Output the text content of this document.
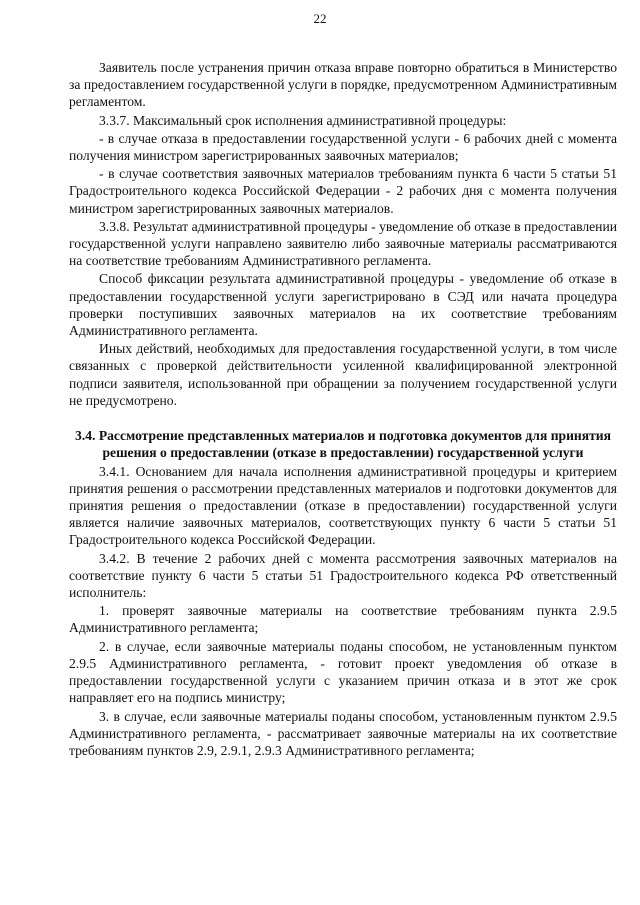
22

Заявитель после устранения причин отказа вправе повторно обратиться в Министерство за предоставлением государственной услуги в порядке, предусмотренном Административным регламентом.

3.3.7. Максимальный срок исполнения административной процедуры:

- в случае отказа в предоставлении государственной услуги - 6 рабочих дней с момента получения министром зарегистрированных заявочных материалов;

- в случае соответствия заявочных материалов требованиям пункта 6 части 5 статьи 51 Градостроительного кодекса Российской Федерации - 2 рабочих дня с момента получения министром зарегистрированных заявочных материалов.

3.3.8. Результат административной процедуры - уведомление об отказе в предоставлении государственной услуги направлено заявителю либо заявочные материалы рассматриваются на соответствие требованиям Административного регламента.

Способ фиксации результата административной процедуры - уведомление об отказе в предоставлении государственной услуги зарегистрировано в СЭД или начата процедура проверки поступивших заявочных материалов на их соответствие требованиям Административного регламента.

Иных действий, необходимых для предоставления государственной услуги, в том числе связанных с проверкой действительности усиленной квалифицированной электронной подписи заявителя, использованной при обращении за получением государственной услуги не предусмотрено.

3.4. Рассмотрение представленных материалов и подготовка документов для принятия решения о предоставлении (отказе в предоставлении) государственной услуги

3.4.1. Основанием для начала исполнения административной процедуры и критерием принятия решения о рассмотрении представленных материалов и подготовки документов для принятия решения о предоставлении (отказе в предоставлении) государственной услуги является наличие заявочных материалов, соответствующих пункту 6 части 5 статьи 51 Градостроительного кодекса Российской Федерации.

3.4.2. В течение 2 рабочих дней с момента рассмотрения заявочных материалов на соответствие пункту 6 части 5 статьи 51 Градостроительного кодекса РФ ответственный исполнитель:

1. проверят заявочные материалы на соответствие требованиям пункта 2.9.5 Административного регламента;

2. в случае, если заявочные материалы поданы способом, не установленным пунктом 2.9.5 Административного регламента, - готовит проект уведомления об отказе в предоставлении государственной услуги с указанием причин отказа и в этот же срок направляет его на подпись министру;

3. в случае, если заявочные материалы поданы способом, установленным пунктом 2.9.5 Административного регламента, - рассматривает заявочные материалы на их соответствие требованиям пунктов 2.9, 2.9.1, 2.9.3 Административного регламента;
